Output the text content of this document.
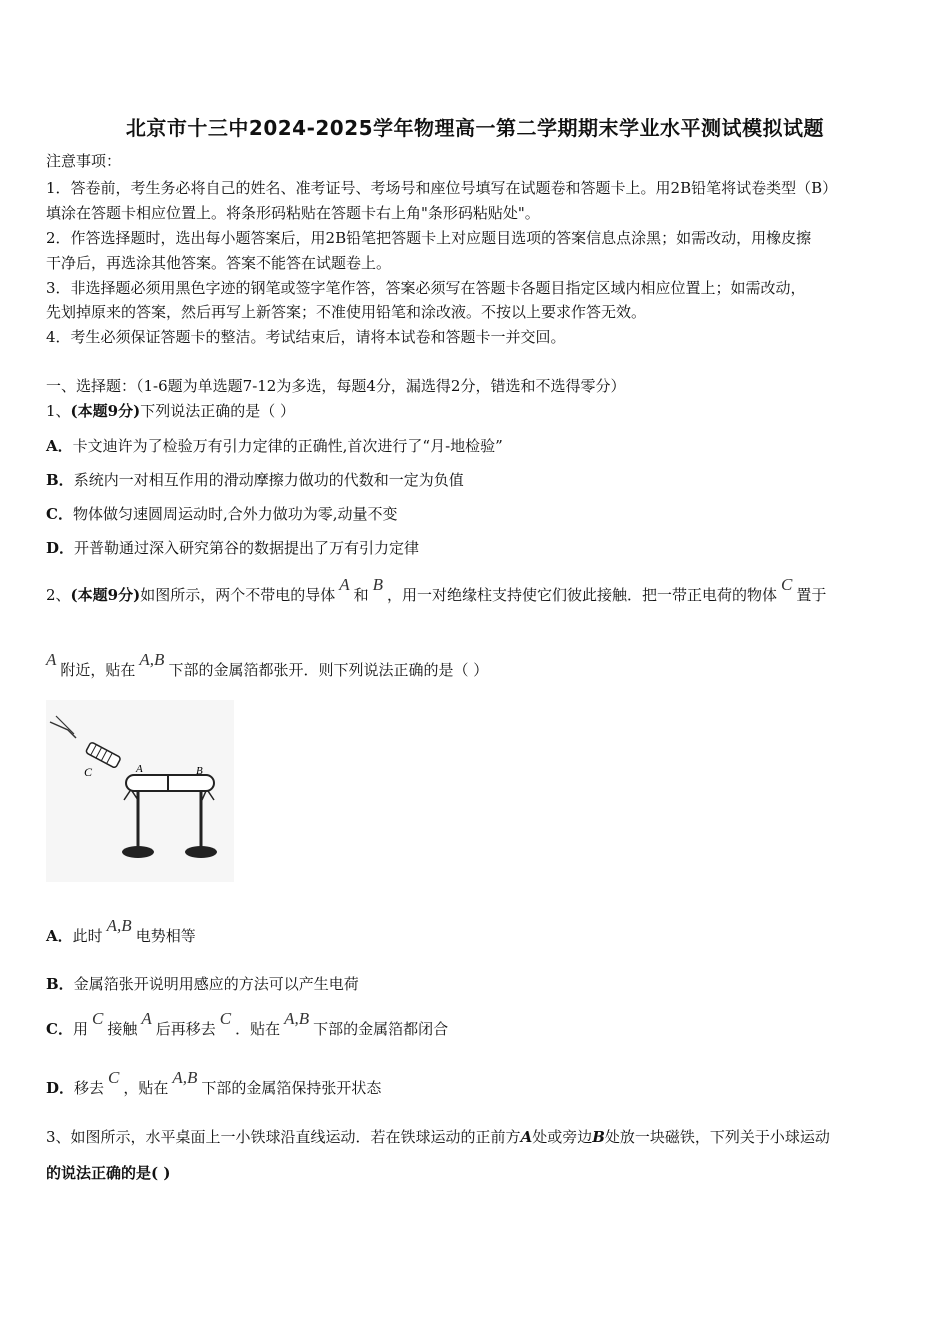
北京市十三中2024-2025学年物理高一第二学期期末学业水平测试模拟试题
注意事项：
1．答卷前，考生务必将自己的姓名、准考证号、考场号和座位号填写在试题卷和答题卡上。用2B铅笔将试卷类型（B）
填涂在答题卡相应位置上。将条形码粘贴在答题卡右上角"条形码粘贴处"。
2．作答选择题时，选出每小题答案后，用2B铅笔把答题卡上对应题目选项的答案信息点涂黑；如需改动，用橡皮擦
干净后，再选涂其他答案。答案不能答在试题卷上。
3．非选择题必须用黑色字迹的钢笔或签字笔作答，答案必须写在答题卡各题目指定区域内相应位置上；如需改动，
先划掉原来的答案，然后再写上新答案；不准使用铅笔和涂改液。不按以上要求作答无效。
4．考生必须保证答题卡的整洁。考试结束后，请将本试卷和答题卡一并交回。
一、选择题：（1-6题为单选题7-12为多选，每题4分，漏选得2分，错选和不选得零分）
1、(本题9分)下列说法正确的是（ ）
A．卡文迪许为了检验万有引力定律的正确性,首次进行了“月-地检验”
B．系统内一对相互作用的滑动摩擦力做功的代数和一定为负值
C．物体做匀速圆周运动时,合外力做功为零,动量不变
D．开普勒通过深入研究第谷的数据提出了万有引力定律
2、(本题9分)如图所示，两个不带电的导体A和B，用一对绝缘柱支持使它们彼此接触．把一带正电荷的物体C置于
A附近，贴在A,B下部的金属箔都张开．则下列说法正确的是（ ）
C	A	B
A．此时A,B电势相等
B．金属箔张开说明用感应的方法可以产生电荷
C．用C接触A后再移去C．贴在A,B下部的金属箔都闭合
D．移去C，贴在A,B下部的金属箔保持张开状态
3、如图所示，水平桌面上一小铁球沿直线运动．若在铁球运动的正前方A处或旁边B处放一块磁铁，下列关于小球运动
的说法正确的是( )
